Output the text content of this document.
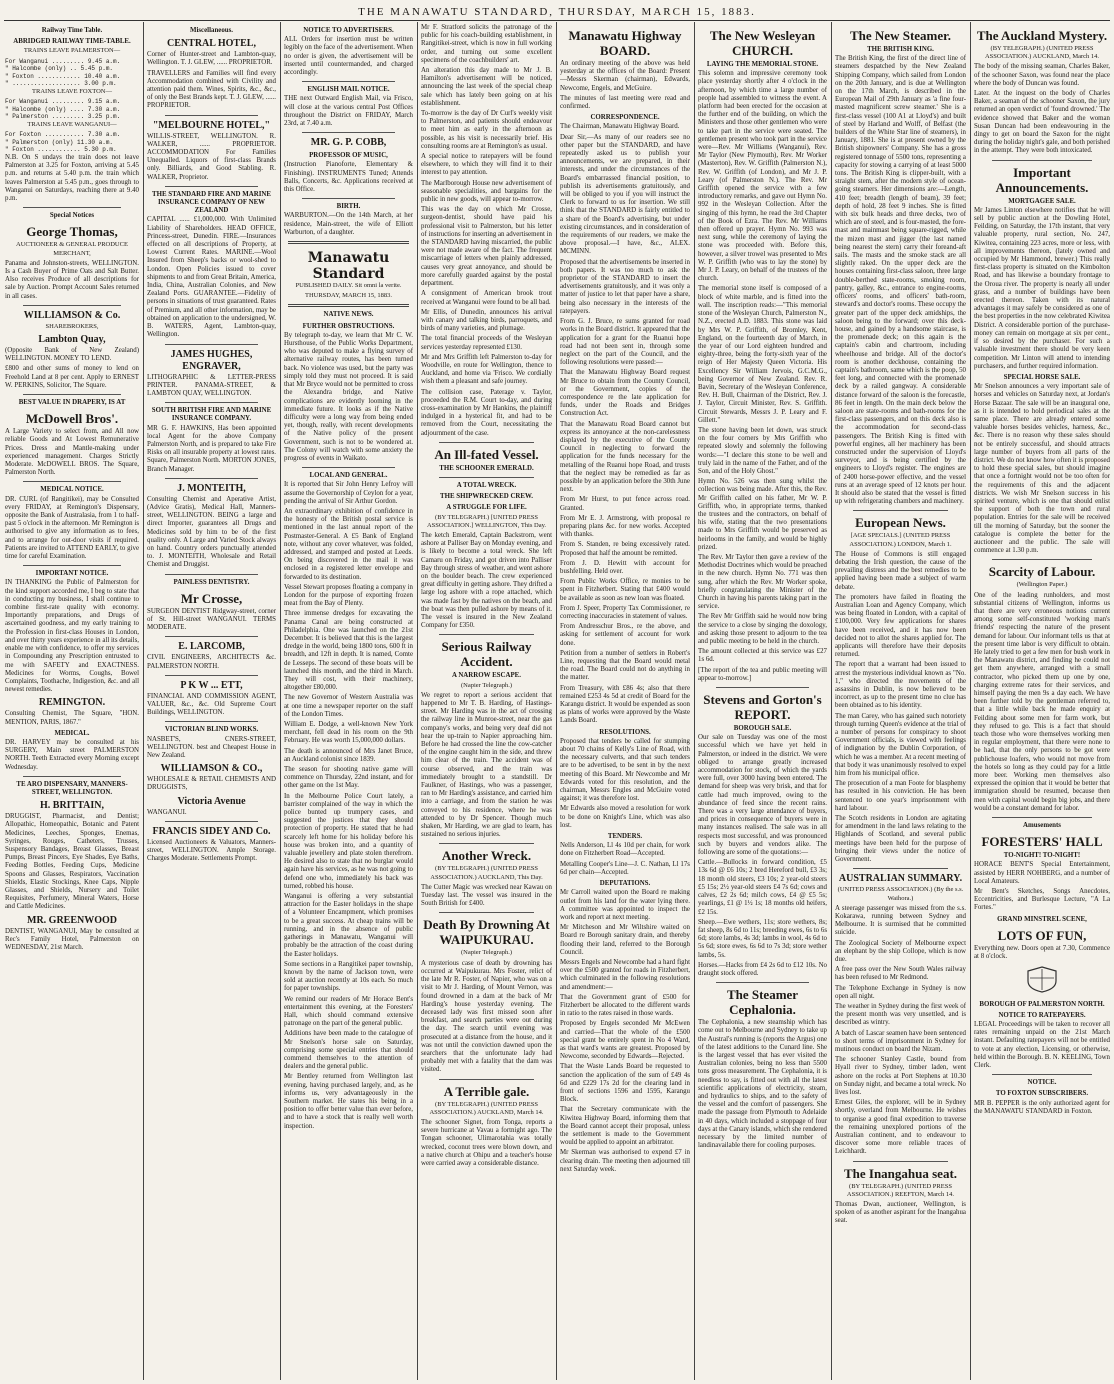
THE MANAWATU STANDARD, THURSDAY, MARCH 15, 1883.
Railway Time Table.
ABRIDGED RAILWAY TIME-TABLE.
TRAINS LEAVE PALMERSTON—
For Wanganui ......... 9.45 a.m.
" Halcombe (only) .. 5.45 p.m.
" Foxton ............ 10.40 a.m.
" ................... 3.00 p.m.
TRAINS LEAVE FOXTON—
For Wanganui ......... 9.15 a.m.
" Halcombe (only) .... 7.30 a.m.
" Palmerston ......... 3.25 p.m.
TRAINS LEAVE WANGANUI—
For Foxton ........... 7.30 a.m.
" Palmerston (only) 11.30 a.m.
" Foxton ............ 5.30 p.m.

N.B. On S undays the train does not leave Palmerston at 3.25 for Foxton, arriving at 5.45 p.m. and returns at 5.40 p.m. the train which leaves Palmerston at 5.45 p.m., goes through to Wanganui on Saturdays, reaching there at 9.40 p.m.

Special Notices
George Thomas,
AUCTIONEER & GENERAL PRODUCE MERCHANT,

Panama and Johnston-streets, WELLINGTON. Is a Cash Buyer of Prime Oats and Salt Butter. Also receives Produce of all descriptions for sale by Auction. Prompt Account Sales returned in all cases.

WILLIAMSON & Co.
SHAREBROKERS,
Lambton Quay,

(Opposite Bank of New Zealand) WELLINGTON. MONEY TO LEND.

£800 and other sums of money to lend on Freehold Land at 8 per cent. Apply to ERNEST W. PERKINS, Solicitor, The Square.

BEST VALUE IN DRAPERY, IS AT
McDowell Bros'.

A Large Variety to select from, and All now reliable Goods and At Lowest Remunerative Prices. Dress and Mantle-making under experienced management. Charges Strictly Moderate. McDOWELL BROS. The Square, Palmerston North.

MEDICAL NOTICE.

DR. CURL (of Rangitikei), may be Consulted every FRIDAY, at Remington's Dispensary, opposite the Bank of Australasia, from 1 to half-past 5 o'clock in the afternoon. Mr Remington is authorised to give any information as to fees, and to arrange for out-door visits if required. Patients are invited to ATTEND EARLY, to give time for careful Examination.

IMPORTANT NOTICE.

IN THANKING the Public of Palmerston for the kind support accorded me, I beg to state that in conducting my business, I shall continue to combine first-rate quality with economy. Importantly preparations, and Drugs of ascertained goodness, and my early training to the Profession in first-class Houses in London, and over thirty years experience in all its details, enable me with confidence, to offer my services in Compounding any Prescription entrusted to me with SAFETY and EXACTNESS. Medicines for Worms, Coughs, Bowel Complaints, Toothache, Indigestion, &c. and all newest remedies.

REMINGTON.

Consulting Chemist, The Square, "HON. MENTION, PARIS, 1867."

MEDICAL.

DR. HARVEY may be consulted at his SURGERY, Main street PALMERSTON NORTH. Teeth Extracted every Morning except Wednesday.

TE ARO DISPENSARY, MANNERS-STREET, WELLINGTON.
H. BRITTAIN,

DRUGGIST, Pharmacist, and Dentist; Allopathic, Homeopathic, Botanic and Patent Medicines, Leeches, Sponges, Enemas, Syringes, Rouges, Catheters, Trusses, Suspensory Bandages, Breast Glasses, Breast Pumps, Breast Pincers, Eye Shades, Eye Baths, Feeding Bottles, Feeding Cups, Medicine Spoons and Glasses, Respirators, Vaccination Shields, Elastic Stockings, Knee Caps, Nipple Glasses, and Shields, Nursery and Toilet Requisites, Perfumery, Mineral Waters, Horse and Cattle Medicines.

MR. GREENWOOD

DENTIST, WANGANUI, May be consulted at Rec's Family Hotel, Palmerston on WEDNESDAY, 21st March.

Miscellaneous.
CENTRAL HOTEL,

Corner of Hunter-street and Lambton-quay, Wellington. T. J. GLEW, ...... PROPRIETOR.

TRAVELLERS and Families will find every Accommodation combined with Civility and attention paid them. Wines, Spirits, &c., &c., of only the Best Brands kept. T. J. GLEW, ...... PROPRIETOR.

"MELBOURNE HOTEL,"

WILLIS-STREET, WELLINGTON. R. WALKER, ...... PROPRIETOR. ACCOMMODATION For Families Unequalled. Liquors of first-class Brands only. Billiards, and Good Stabling. R. WALKER, Proprietor.

THE STANDARD FIRE AND MARINE INSURANCE COMPANY OF NEW ZEALAND

CAPITAL ...... £1,000,000. With Unlimited Liability of Shareholders. HEAD OFFICE, Princess-street, Dunedin. FIRE.—Insurances effected on all descriptions of Property, at Lowest Current Rates. MARINE.—Wool Insured from Sheep's backs or wool-shed to London. Open Policies issued to cover shipments to and from Great Britain, America, India, China, Australian Colonies, and New Zealand Ports. GUARANTEE.—Fidelity of persons in situations of trust guaranteed. Rates of Premium, and all other information, may be obtained on application to the undersigned, W. B. WATERS, Agent, Lambton-quay, Wellington.

JAMES HUGHES, ENGRAVER,

LITHOGRAPHIC & LETTER-PRESS PRINTER. PANAMA-STREET, & LAMBTON QUAY, WELLINGTON.

SOUTH BRITISH FIRE AND MARINE INSURANCE COMPANY.

MR G. F. HAWKINS, Has been appointed local Agent for the above Company Palmerston North, and is prepared to take Fire Risks on all insurable property at lowest rates. Square, Palmerston North. MORTON JONES, Branch Manager.

J. MONTEITH,

Consulting Chemist and Aperative Artist, (Advice Gratis), Medical Hall, Manners-street, WELLINGTON. BEING a large and direct Importer, guarantees all Drugs and Medicines sold by him to be of the first quality only. A Large and Varied Stock always on hand. Country orders punctually attended to. J. MONTEITH, Wholesale and Retail Chemist and Druggist.

PAINLESS DENTISTRY.
Mr Crosse,

SURGEON DENTIST Ridgway-street, corner of St. Hill-street WANGANUI. TERMS MODERATE.

E. LARCOMB,

CIVIL ENGINEERS, ARCHITECTS &c. PALMERSTON NORTH.

P K W ... ETT,

FINANCIAL AND COMMISSION AGENT, VALUER, &c., &c. Old Supreme Court Buildings, WELLINGTON.

VICTORIAN BLIND WORKS.

NASBET'S, CNERS-STREET, WELLINGTON. best and Cheapest House in New Zealand.

WILLIAMSON & CO.,

WHOLESALE & RETAIL CHEMISTS AND DRUGGISTS,

Victoria Avenue

WANGANUI.

FRANCIS SIDEY AND Co.

Licensed Auctioneers & Valuators, Manners-street, WELLINGTON. Ample Storage. Charges Moderate. Settlements Prompt.

NOTICE TO ADVERTISERS.

ALL Orders for insertion must be written legibly on the face of the advertisement. When no order is given, the advertisement will be inserted until countermanded, and charged accordingly.

ENGLISH MAIL NOTICE.

THE next Outward English Mail, via Frisco, will close at the various central Post Offices throughout the District on FRIDAY, March 23rd, at 7.40 a.m.

MR. G. P. COBB,
PROFESSOR OF MUSIC,

(Instruction Pianoforte, Elementary & Finishing). INSTRUMENTS Tuned; Attends Balls, Concerts, &c. Applications received at this Office.

BIRTH.

WARBURTON.—On the 14th March, at her residence, Main-street, the wife of Elliott Warburton, of a daughter.

Manawatu Standard
PUBLISHED DAILY. Sit omni la verite.
THURSDAY, MARCH 15, 1883.
NATIVE NEWS.
FURTHER OBSTRUCTIONS.

By telegraph to-day, we learn that Mr C. W. Hursthouse, of the Public Works Department, who was deputed to make a flying survey of alternative railway routes, has been turned back. No violence was used, but the party was simply told they must not proceed. It is said that Mr Bryce would not be permitted to cross the Alexandra bridge, and Native complications are evidently looming in the immediate future. It looks as if the Native difficulty were a long way from being ended yet, though, really, with recent developments of the Native policy of the present Government, such is not to be wondered at. The Colony will watch with some anxiety the progress of events in Waikato.

LOCAL AND GENERAL.

It is reported that Sir John Henry Lefroy will assume the Governorship of Ceylon for a year, pending the arrival of Sir Arthur Gordon.

An extraordinary exhibition of confidence in the honesty of the British postal service is mentioned in the last annual report of the Postmaster-General. A £5 Bank of England note, without any cover whatever, was folded, addressed, and stamped and posted at Leeds. On being discovered in the mail it was enclosed in a registered letter envelope and forwarded to its destination.

Vessel Stewart proposes floating a company in London for the purpose of exporting frozen meat from the Bay of Plenty.

Three immense dredges for excavating the Panama Canal are being constructed at Philadelphia. One was launched on the 21st December. It is believed that this is the largest dredge in the world, being 1800 tons, 600 ft in breadth, and 12ft in depth. It is named, Comte de Lesseps. The second of these boats will be launched this month, and the third in March. They will cost, with their machinery, altogether £80,000.

The new Governor of Western Australia was at one time a newspaper reporter on the staff of the London Times.

William E. Dodge, a well-known New York merchant, fell dead in his room on the 9th February. He was worth 15,000,000 dollars.

The death is announced of Mrs Janet Bruce, an Auckland colonist since 1839.

The season for shooting native game will commence on Thursday, 22nd instant, and for other game on the 1st May.

In the Melbourne Police Court lately, a barrister complained of the way in which the police bunted up trumpery cases, and suggested the justices that they should protection of property. He stated that he had scarcely left home for his holiday before his house was broken into, and a quantity of valuable jewellery and plate stolen therefrom. He desired also to state that no burglar would again have his services, as he was not going to defend one who, immediately his back was turned, robbed his house.

Wanganui is offering a very substantial attraction for the Easter holidays in the shape of a Volunteer Encampment, which promises to be a great success. At cheap trains will be running, and in the absence of public gatherings in Manawatu, Wanganui will probably be the attraction of the coast during the Easter holidays.

Some sections in a Rangitikei paper township, known by the name of Jackson town, were sold at auction recently at 10s each. So much for paper townships.

We remind our readers of Mr Horace Bent's entertainment this evening, at the Foresters' Hall, which should command extensive patronage on the part of the general public.

Additions have been made to the catalogue of Mr Snelson's horse sale on Saturday, comprising some special entries that should commend themselves to the attention of dealers and the general public.

Mr Bentley returned from Wellington last evening, having purchased largely, and, as he informs us, very advantageously in the Southern market. He states his being in a position to offer better value than ever before, and to have a stock that is really well worth inspection.

Mr F. Stratford solicits the patronage of the public for his coach-building establishment, in Rangitikei-street, which is now in full working order, and turning out some excellent specimens of the coachbuilders' art.

An alteration this day made to Mr J. B. Hamilton's advertisement will be noticed, announcing the last week of the special cheap sale which has lately been going on at his establishment.

To-morrow is the day of Dr Curl's weekly visit to Palmerston, and patients should endeavour to meet him as early in the afternoon as possible, as his visit is necessarily brief. His consulting rooms are at Remington's as usual.

A special notice to ratepayers will be found elsewhere, to which they will find it to their interest to pay attention.

The Marlborough House new advertisement of seasonable specialities, and bargains for the public in new goods, will appear to-morrow.

This was the day on which Mr Crosse, surgeon-dentist, should have paid his professional visit to Palmerston, but his letter of instructions for inserting an advertisement in the STANDARD having miscarried, the public were not made aware of the fact. The frequent miscarriage of letters when plainly addressed, causes very great annoyance, and should be more carefully guarded against by the postal department.

A consignment of American brook trout received at Wanganui were found to be all bad.

Mr Ellis, of Dunedin, announces his arrival with canary and talking birds, parroquets, and birds of many varieties, and plumage.

The total financial proceeds of the Wesleyan services yesterday represented £130.

Mr and Mrs Griffith left Palmerston to-day for Woodville, en route for Wellington, thence to Auckland, and home via 'Frisco. We cordially wish them a pleasant and safe journey.

The collision case, Paterage v. Taylor, proceeded the R.M. Court to-day, and during cross-examination by Mr Hankins, the plaintiff indulged in a hysterical fit, and had to be removed from the Court, necessitating the adjournment of the case.

An Ill-fated Vessel.
THE SCHOONER EMERALD.
A TOTAL WRECK.
THE SHIPWRECKED CREW.
A STRUGGLE FOR LIFE.
(BY TELEGRAPH.) [UNITED PRESS ASSOCIATION.] WELLINGTON, This Day.

The ketch Emerald, Captain Backstrom, went ashore at Palliser Bay on Monday evening, and is likely to become a total wreck. She left Camaru on Friday, and got driven into Palliser Bay through stress of weather, and went ashore on the boulder beach. The crew experienced great difficulty in getting ashore. They drifted a large log ashore with a rope attached, which was made fast by the natives on the beach, and the boat was then pulled ashore by means of it. The vessel is insured in the New Zealand Company for £350.

Serious Railway Accident.
A NARROW ESCAPE.
(Napier Telegraph.)

We regret to report a serious accident that happened to Mr T. B. Harding, of Hastings-street. Mr Harding was in the act of crossing the railway line in Munroe-street, near the gas company's works, and being very deaf did not hear the up-train to Napier approaching him. Before he had crossed the line the cow-catcher of the engine caught him in the side, and threw him clear of the train. The accident was of course observed, and the train was immediately brought to a standstill. Dr Faulkner, of Hastings, who was a passenger, ran to Mr Harding's assistance, and carried him into a carriage, and from the station he was conveyed to his residence, where he was attended to by Dr Spencer. Though much shaken, Mr Harding, we are glad to learn, has sustained no serious injuries.

Another Wreck.
(BY TELEGRAPH.) (UNITED PRESS ASSOCIATION.) AUCKLAND, This Day.

The Cutter Magic was wrecked near Kawau on Tuesday last. The vessel was insured in the South British for £400.

Death By Drowning At WAIPUKURAU.
(Napier Telegraph.)

A mysterious case of death by drowning has occurred at Waipukurau. Mrs Foster, relict of the late Mr R. Foster, of Napier, who was on a visit to Mr J. Harding, of Mount Vernon, was found drowned in a dam at the back of Mr Harding's house yesterday evening. The deceased lady was first missed soon after breakfast, and search parties were out during the day. The search until evening was prosecuted at a distance from the house, and it was not until the conviction dawned upon the searchers that the unfortunate lady had probably met with a fatality that the dam was visited.

A Terrible gale.
(BY TELEGRAPH.) (UNITED PRESS ASSOCIATION.) AUCKLAND, March 14.

The schooner Signet, from Tonga, reports a severe hurricane at Vavau a fortnight ago. The Tongan schooner, Ulimarotahia was totally wrecked, coconut trees were blown down, and a native church at Ohipu and a teacher's house were carried away a considerable distance.

Manawatu Highway BOARD.

An ordinary meeting of the above was held yesterday at the offices of the Board: Present—Messrs Skerman (chairman), Edwards, Newcome, Engels, and McGuire.

The minutes of last meeting were read and confirmed.

CORRESPONDENCE.

The Chairman, Manawatu Highway Board.

Dear Sir,—As many of our readers see no other paper but the STANDARD, and have repeatedly asked us to publish your announcements, we are prepared, in their interests, and under the circumstances of the Board's embarrassed financial position, to publish its advertisements gratuitously, and will be obliged to you if you will instruct the Clerk to forward to us for insertion. We still think that the STANDARD is fairly entitled to a share of the Board's advertising, but under existing circumstances, and in consideration of the requirements of our readers, we make the above proposal.—I have, &c., ALEX. MCMINN.

Proposed that the advertisements be inserted in both papers. It was too much to ask the proprietor of the STANDARD to insert the advertisements gratuitously, and it was only a matter of justice to let that paper have a share, being also necessary in the interests of the ratepayers.

From G. J. Bruce, re sums granted for road works in the Board district. It appeared that the application for a grant for the Ruanui hope road had not been sent in, through some neglect on the part of the Council, and the following resolutions were passed:—

That the Manawatu Highway Board request Mr Bruce to obtain from the County Council, or the Government, copies of the correspondence re the late application for funds, under the Roads and Bridges Construction Act.

That the Manawatu Road Board cannot but express its annoyance at the non-carelessness displayed by the executive of the County Council in neglecting to forward the application for the funds necessary for the metalling of the Ruanui hope Road, and trusts that the neglect may be remedied as far as possible by an application before the 30th June next.

From Mr Hurst, to put fence across road. Granted.

From Mr E. J. Armstrong, with proposal re preparing plans &c. for new works. Accepted with thanks.

From S. Standen, re being excessively rated. Proposed that half the amount be remitted.

From J. D. Hewitt with account for bushfelling. Held over.

From Public Works Office, re monies to be spent in Fitzherbert. Stating that £400 would be available as soon as new loan was floated.

From J. Speer, Property Tax Commissioner, re correcting inaccuracies in statement of values.

From Andresschur Bros., re the above, and asking for settlement of account for work done.

Petition from a number of settlers in Robert's Line, requesting that the Board would metal the road. The Board could not do anything in the matter.

From Treasury, with £86 4s; also that there remained £253 4s 5d at credit of Board for the Karangu district. It would be expended as soon as plans of works were approved by the Waste Lands Board.

RESOLUTIONS.

Proposed that tenders be called for stumping about 70 chains of Kelly's Line of Road, with the necessary culverts, and that such tenders are to be advertised, to be sent in by the next meeting of this Board. Mr Newcombe and Mr Edwards voted for this resolution, and the chairman, Messrs Engles and McGuire voted against; it was therefore lost.

Mr Edwards also moved a resolution for work to be done on Knight's Line, which was also lost.

TENDERS.

Nells Anderson, Ll 4s 10d per chain, for work done on Fitzherbert Road—Accepted.

Metalling Cooper's Line—J. C. Nathan, Ll 17s 6d per chain—Accepted.

DEPUTATIONS.

Mr Carroll waited upon the Board re making outlet from his land for the water lying there. A committee was appointed to inspect the work and report at next meeting.

Mr Mitcheson and Mr Wiltshire waited on Board re Borough sanitary drain, and thereby flooding their land, referred to the Borough Council.

Messrs Engels and Newcombe had a hard fight over the £500 granted for roads in Fitzherbert, which culminated in the following resolutions and amendment:—

That the Government grant of £500 for Fitzherbert be allocated to the different wards in ratio to the rates raised in those wards.

Proposed by Engels seconded Mr McEwen and carried—That the whole of the £500 special grant be entirely spent in No 4 Ward, as that ward's wants are greatest. Proposed by Newcome, seconded by Edwards—Rejected.

That the Waste Lands Board be requested to sanction the application of the sum of £49 4s 6d and £229 17s 2d for the clearing land in front of sections 1596 and 1595, Karangu Block.

That the Secretary communicate with the Kiwitea Highway Board, informing them that the Board cannot accept their proposal, unless the settlement is made to the Government would be applied to appoint an arbitrator.

Mr Skerman was authorised to expend £7 in clearing drain. The meeting then adjourned till next Saturday week.

The New Wesleyan CHURCH.
LAYING THE MEMORIAL STONE.

This solemn and impressive ceremony took place yesterday shortly after 4 o'clock in the afternoon, by which time a large number of people had assembled to witness the event. A platform had been erected for the occasion at the further end of the building, on which the Ministers and those other gentlemen who were to take part in the service were seated. The gentlemen present who took part in the service were—Rev. Mr Williams (Wanganui), Rev. Mr Taylor (New Plymouth), Rev. Mr Worker (Masterton), Rev. W. Griffith (Palmerston N.), Rev. W. Griffith (of London), and Mr J. P. Leary (of Palmerston N.). The Rev. Mr Griffith opened the service with a few introductory remarks, and gave out Hymn No. 992 in the Wesleyan Collection. After the singing of this hymn, he read the 3rd Chapter of the Book of Ezra. The Rev. Mr Williams then offered up prayer. Hymn No. 993 was next sung, while the ceremony of laying the stone was proceeded with. Before this, however, a silver trowel was presented to Mrs W. P. Griffith (who was to lay the stone) by Mr J. P. Leary, on behalf of the trustees of the church.

The memorial stone itself is composed of a block of white marble, and is fitted into the wall. The inscription reads:—"This memorial stone of the Wesleyan Church, Palmerston N., N.Z., erected A.D. 1883. This stone was laid by Mrs W. P. Griffith, of Bromley, Kent, England, on the fourteenth day of March, in the year of our Lord eighteen hundred and eighty-three, being the forty-sixth year of the reign of Her Majesty Queen Victoria. His Excellency Sir William Jervois, G.C.M.G., being Governor of New Zealand. Rev. R. Bavin, Secretary of the Wesleyan Conference, Rev. H. Bull, Chairman of the District, Rev. J. J. Taylor, Circuit Minister, Rev. S. Griffith. Circuit Stewards, Messrs J. P. Leary and F. Gillett."

The stone having been let down, was struck on the four corners by Mrs Griffith who repeated slowly and solemnly the following words:—"I declare this stone to be well and truly laid in the name of the Father, and of the Son, and of the Holy Ghost."

Hymn No. 526 was then sung whilst the collection was being made. After this, the Rev. Mr Griffith called on his father, Mr W. P. Griffith, who, in appropriate terms, thanked the trustees and the contractors, on behalf of his wife, stating that the two presentations made to Mrs Griffith would be preserved as heirlooms in the family, and would be highly prized.

The Rev. Mr Taylor then gave a review of the Methodist Doctrines which would be preached in the new church. Hymn No. 771 was then sung, after which the Rev. Mr Worker spoke, briefly congratulating the Minister of the Church in having his parents taking part in the service.

The Rev Mr Griffith said he would now bring the service to a close by singing the doxology, and asking those present to adjourn to the tea and public meeting to be held in the church.

The amount collected at this service was £27 1s 6d.

[The report of the tea and public meeting will appear to-morrow.]

Stevens and Gorton's REPORT.
BOROUGH SALE.

Our sale on Tuesday was one of the most successful which we have yet held in Palmerston, or indeed in the district. We were obliged to arrange greatly increased accommodation for stock, of which the yards were full, over 3000 having been entered. The demand for sheep was very brisk, and that for cattle had much improved, owing to the abundance of feed since the recent rains. There was a very large attendance of buyers, and prices in consequence of buyers were in many instances realised. The sale was in all respects most successful, and was pronounced such by buyers and vendors alike. The following are some of the quotations:—

Cattle.—Bullocks in forward condition, £5 13s 6d @ £6 10s; 2 bred Hereford bull, £3 3s; 18 month old steers, £3 10s; 2 year-old steers £5 15s; 2½ year-old steers £4 7s 6d; cows and calves, £2 2s 6d; milch cows, £4 @ £5 5s; yearlings, £1 @ 1½ 1s; 18 months old heifers, £2 15s.

Sheep.—Ewe wethers, 11s; store wethers, 8s; fat sheep, 8s 6d to 11s; breeding ewes, 6s to 6s 6d; store lambs, 4s 3d; lambs in wool, 4s 6d to 5s 6d; store ewes, 6s 6d to 7s 3d; store wether lambs, 5s.

Horses.—Hacks from £4 2s 6d to £12 10s. No draught stock offered.

The Steamer Cephalonia.

The Cephalonia, a new steamship which has come out to Melbourne and Sydney to take up the Austral's running is (reports the Argus) one of the latest additions to the Cunard line. She is the largest vessel that has ever visited the Australian colonies, being no less than 5500 tons gross measurement. The Cephalonia, it is needless to say, is fitted out with all the latest scientific applications of electricity, steam, and hydraulics to ships, and to the safety of the vessel and the comfort of passengers. She made the passage from Plymouth to Adelaide in 40 days, which included a stoppage of four days at the Canary islands, which she rendered necessary by the limited number of landinavailable there for cooling purposes.

The New Steamer.
THE BRITISH KING.

The British King, the first of the direct line of steamers despatched by the New Zealand Shipping Company, which sailed from London on the 20th January, and is due at Wellington on the 17th March, is described in the European Mail of 29th January as 'a fine four-masted magnificent screw steamer.' She is a first-class vessel (100 A1 at Lloyd's) and built of steel by Harland and Wolff, of Belfast (the builders of the White Star line of steamers), in January, 1881. She is at present owned by the British shipowners' Company. She has a gross registered tonnage of 5500 tons, representing a capacity for stowing a carrying of at least 5000 tons. The British King is clipper-built, with a straight stem, after the modern style of ocean-going steamers. Her dimensions are:—Length, 410 feet; breadth (length of beam), 39 feet; depth of hold, 28 feet 9 inches. She is fitted with six bulk heads and three decks, two of which are of steel, and is four-masted, the fore-mast and mainmast being square-rigged, while the mizen mast and jigger (the last named being nearest the stern) carry their foreand-aft sails. The masts and the smoke stack are all slightly raked. On the upper deck are the houses containing first-class saloon, three large double-berthed state-rooms, smoking room, pantry, galley, &c., entrance to engine-rooms, officers' rooms, and officers' bath-room, steward's and doctor's rooms. These occupy the greater part of the upper deck amidships, the saloon being to the forward; over this deck-house, and gained by a handsome staircase, is the promenade deck; on this again is the captain's cabin and chartroom, including wheelhouse and bridge. All of the doctor's room is another deckhouse, containing the captain's bathroom, same which is the poop, 50 feet long, and connected with the promenade deck by a railed gangway. A considerable distance forward of the saloon is the forecastle, 86 feet in length. On the main deck below the saloon are state-rooms and bath-rooms for the first-class passengers, and on this deck also is the accommodation for second-class passengers. The British King is fitted with powerful engines, all her machinery has been constructed under the supervision of Lloyd's surveyor, and is being certified by the engineers to Lloyd's register. The engines are of 2400 horse-power effective, and the vessel runs at an average speed of 12 knots per hour. It should also be stated that the vessel is fitted up with refrigerating chambers and machinery.

European News.
[AGE SPECIALS.] (UNITED PRESS ASSOCIATION.) LONDON, March 1.

The House of Commons is still engaged debating the Irish question, the cause of the prevailing distress and the best remedies to be applied having been made a subject of warm debate.

The promoters have failed in floating the Australian Loan and Agency Company, which was being floated in London, with a capital of £100,000. Very few applications for shares have been received, and it has now been decided not to allot the shares applied for. The applicants will therefore have their deposits returned.

The report that a warrant had been issued to arrest the mysterious individual known as "No. 1," who directed the movements of the assassins in Dublin, is now believed to be incorrect, as up to the present time no clue has been obtained as to his identity.

The man Carey, who has gained such notoriety through turning Queen's evidence at the trial of a number of persons for conspiracy to shoot Government officials, is viewed with feelings of indignation by the Dublin Corporation, of which he was a member. At a recent meeting of that body it was unanimously resolved to expel him from his municipal office.

The prosecution of a man Foote for blasphemy has resulted in his conviction. He has been sentenced to one year's imprisonment with hard labour.

The Scotch residents in London are agitating for amendment in the land laws relating to the Highlands of Scotland, and several public meetings have been held for the purpose of bringing their views under the notice of Government.

AUSTRALIAN SUMMARY.
(UNITED PRESS ASSOCIATION.) (By the s.s. Waihora.)

A steerage passenger was missed from the s.s. Kokarawa, running between Sydney and Melbourne. It is surmised that he committed suicide.

The Zoological Society of Melbourne expect an elephant by the ship Collope, which is now due.

A free pass over the New South Wales railway has been refused to Mr Redmond.

The Telephone Exchange in Sydney is now open all night.

The weather in Sydney during the first week of the present month was very unsettled, and is described as wintry.

A batch of Lascar seamen have been sentenced to short terms of imprisonment in Sydney for mutinous conduct on board the Nizam.

The schooner Stanley Castle, bound from Hyall river to Sydney, timber laden, went ashore on the rocks at Port Stephens at 10.30 on Sunday night, and became a total wreck. No lives lost.

Ernest Giles, the explorer, will be in Sydney shortly, overland from Melbourne. He wishes to organise a good final expedition to traverse the remaining unexplored portions of the Australian continent, and to endeavour to discover some more reliable traces of Leichhardt.

The Inangahua seat.
(BY TELEGRAPH.) (UNITED PRESS ASSOCIATION.) REEFTON, March 14.

Thomas Dwan, auctioneer, Wellington, is spoken of as another aspirant for the Inangahua seat.

The Auckland Mystery.
(BY TELEGRAPH.) (UNITED PRESS ASSOCIATION.) AUCKLAND, March 14.

The body of the missing seaman, Charles Baker, of the schooner Saxon, was found near the place where the body of Duncan was found.

Later. At the inquest on the body of Charles Baker, a seaman of the schooner Saxon, the jury returned an open verdict of 'found drowned.' The evidence showed that Baker and the woman Susan Duncan had been endeavouring in the dingy to get on board the Saxon for the night during the holiday night's gale, and both perished in the attempt. They were both intoxicated.

Important Announcements.
MORTGAGEE SALE.

Mr James Linton elsewhere notifies that he will sell by public auction at the Dowling Hotel, Feilding, on Saturday, the 17th instant, that very valuable property, rural section, No. 247, Kiwitea, containing 223 acres, more or less, with all improvements thereon, (lately owned and occupied by Mr Hammond, brewer.) This really first-class property is situated on the Kimbolton Road, and has likewise a boundary frontage to the Oroua river. The property is nearly all under grass, and a number of buildings have been erected thereon. Taken with its natural advantages it may safely be considered as one of the best properties in the now celebrated Kiwitea District. A considerable portion of the purchase-money can remain on mortgage at six per cent., if so desired by the purchaser. For such a valuable investment there should be very keen competition. Mr Linton will attend to intending purchasers, and further required information.

SPECIAL HORSE SALE.

Mr Snelson announces a very important sale of horses and vehicles on Saturday next, at Jordan's Horse Bazaar. The sale will be an inaugural one, as it is intended to hold periodical sales at the same place. There are already entered some valuable horses besides vehicles, harness, &c., &c. There is no reason why these sales should not be entirely successful, and should attracts large number of buyers from all parts of the district. We do not know how often it is proposed to hold these special sales, but should imagine that once a fortnight would not be too often for the requirements of this and the adjacent districts. We wish Mr Snelson success in his spirited venture, which is one that should enlist the support of both the town and rural population. Entries for the sale will be received till the morning of Saturday, but the sooner the catalogue is complete the better for the auctioneer and the public. The sale will commence at 1.30 p.m.

Scarcity of Labour.
(Wellington Paper.)

One of the leading runholders, and most substantial citizens of Wellington, informs us that there are very erroneous notions current among some self-constituted 'working man's friends' respecting the nature of the present demand for labour. Our informant tells us that at the present time labor is very difficult to obtain. He lately tried to get a few men for bush work in the Manawatu district, and finding he could not get them anywhere, arranged with a small contractor, who picked them up one by one, charging extreme rates for their services, and himself paying the men 9s a day each. We have been further told by the gentleman referred to, that a little while back he made enquiry at Feilding about some men for farm work, but they refused to go. This is a fact that should teach those who wore themselves working men in regular employment, that there were none to be had, that the only persons to be got were publichouse loafers, who would not move from the hotels so long as they could pay for a little more beer. Working men themselves also expressed the opinion that it would be better that immigration should be resumed, because then men with capital would begin big jobs, and there would be a constant demand for labor.

Amusements
FORESTERS' HALL
TO-NIGHT! TO-NIGHT!

HORACE BENT'S Special Entertainment, assisted by HERR NOHBERG, and a number of Local Amateurs.

Mr Bent's Sketches, Songs Anecdotes, Eccentricities, and Burlesque Lecture, "A La Fortes."

GRAND MINSTREL SCENE,
LOTS OF FUN,

Everything new. Doors open at 7.30, Commence at 8 o'clock.

BOROUGH OF PALMERSTON NORTH.
NOTICE TO RATEPAYERS.

LEGAL Proceedings will be taken to recover all rates remaining unpaid on the 21st March instant. Defaulting ratepayers will not be entitled to vote at any election, Licensing, or otherwise, held within the Borough. B. N. KEELING, Town Clerk.

NOTICE.
TO FOXTON SUBSCRIBERS.

MR B. PEPPER is the only authorized agent for the MANAWATU STANDARD in Foxton.
